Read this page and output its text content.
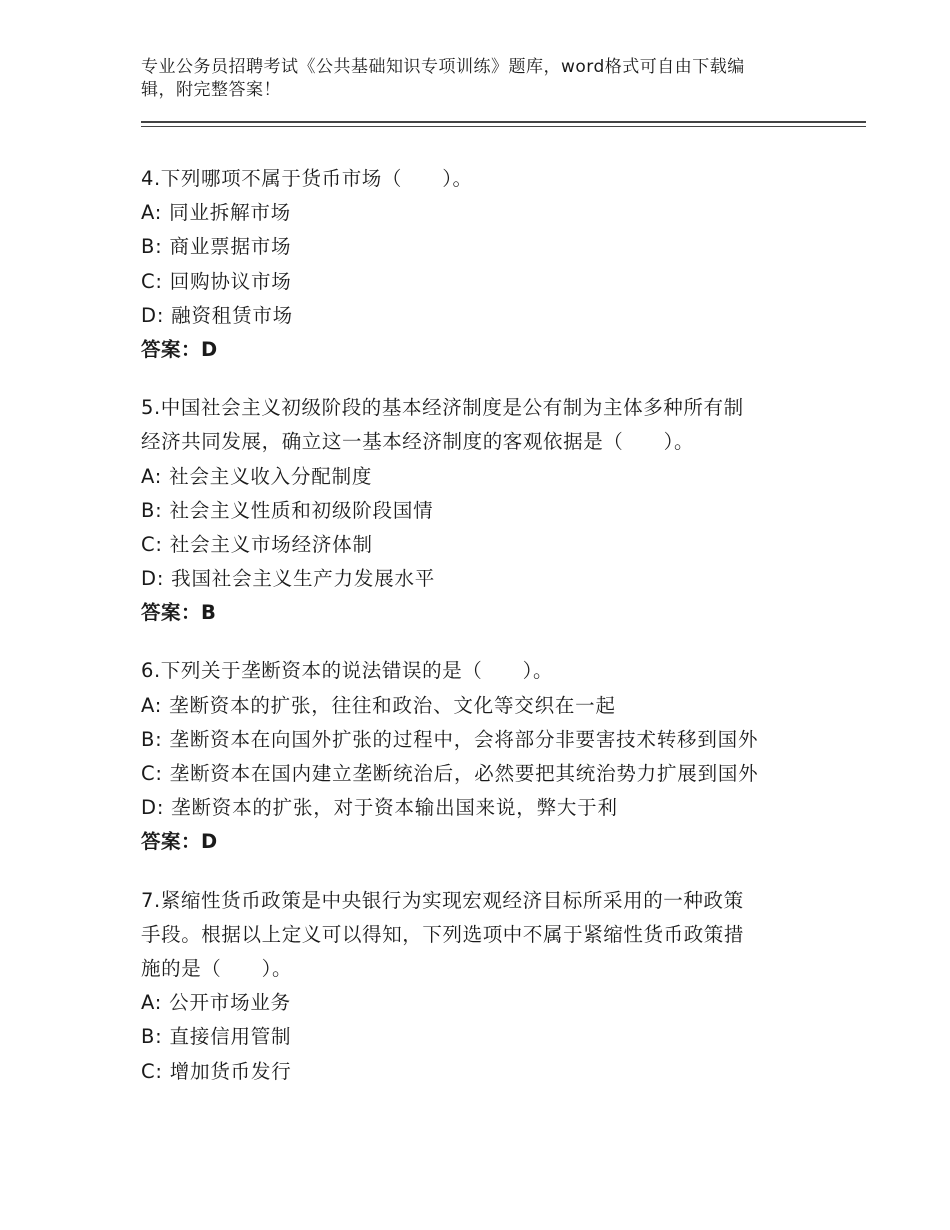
专业公务员招聘考试《公共基础知识专项训练》题库，word格式可自由下载编
辑，附完整答案！
4.下列哪项不属于货币市场（　　）。
A: 同业拆解市场
B: 商业票据市场
C: 回购协议市场
D: 融资租赁市场
答案：D
5.中国社会主义初级阶段的基本经济制度是公有制为主体多种所有制
经济共同发展，确立这一基本经济制度的客观依据是（　　）。
A: 社会主义收入分配制度
B: 社会主义性质和初级阶段国情
C: 社会主义市场经济体制
D: 我国社会主义生产力发展水平
答案：B
6.下列关于垄断资本的说法错误的是（　　）。
A: 垄断资本的扩张，往往和政治、文化等交织在一起
B: 垄断资本在向国外扩张的过程中，会将部分非要害技术转移到国外
C: 垄断资本在国内建立垄断统治后，必然要把其统治势力扩展到国外
D: 垄断资本的扩张，对于资本输出国来说，弊大于利
答案：D
7.紧缩性货币政策是中央银行为实现宏观经济目标所采用的一种政策
手段。根据以上定义可以得知，下列选项中不属于紧缩性货币政策措
施的是（　　）。
A: 公开市场业务
B: 直接信用管制
C: 增加货币发行
